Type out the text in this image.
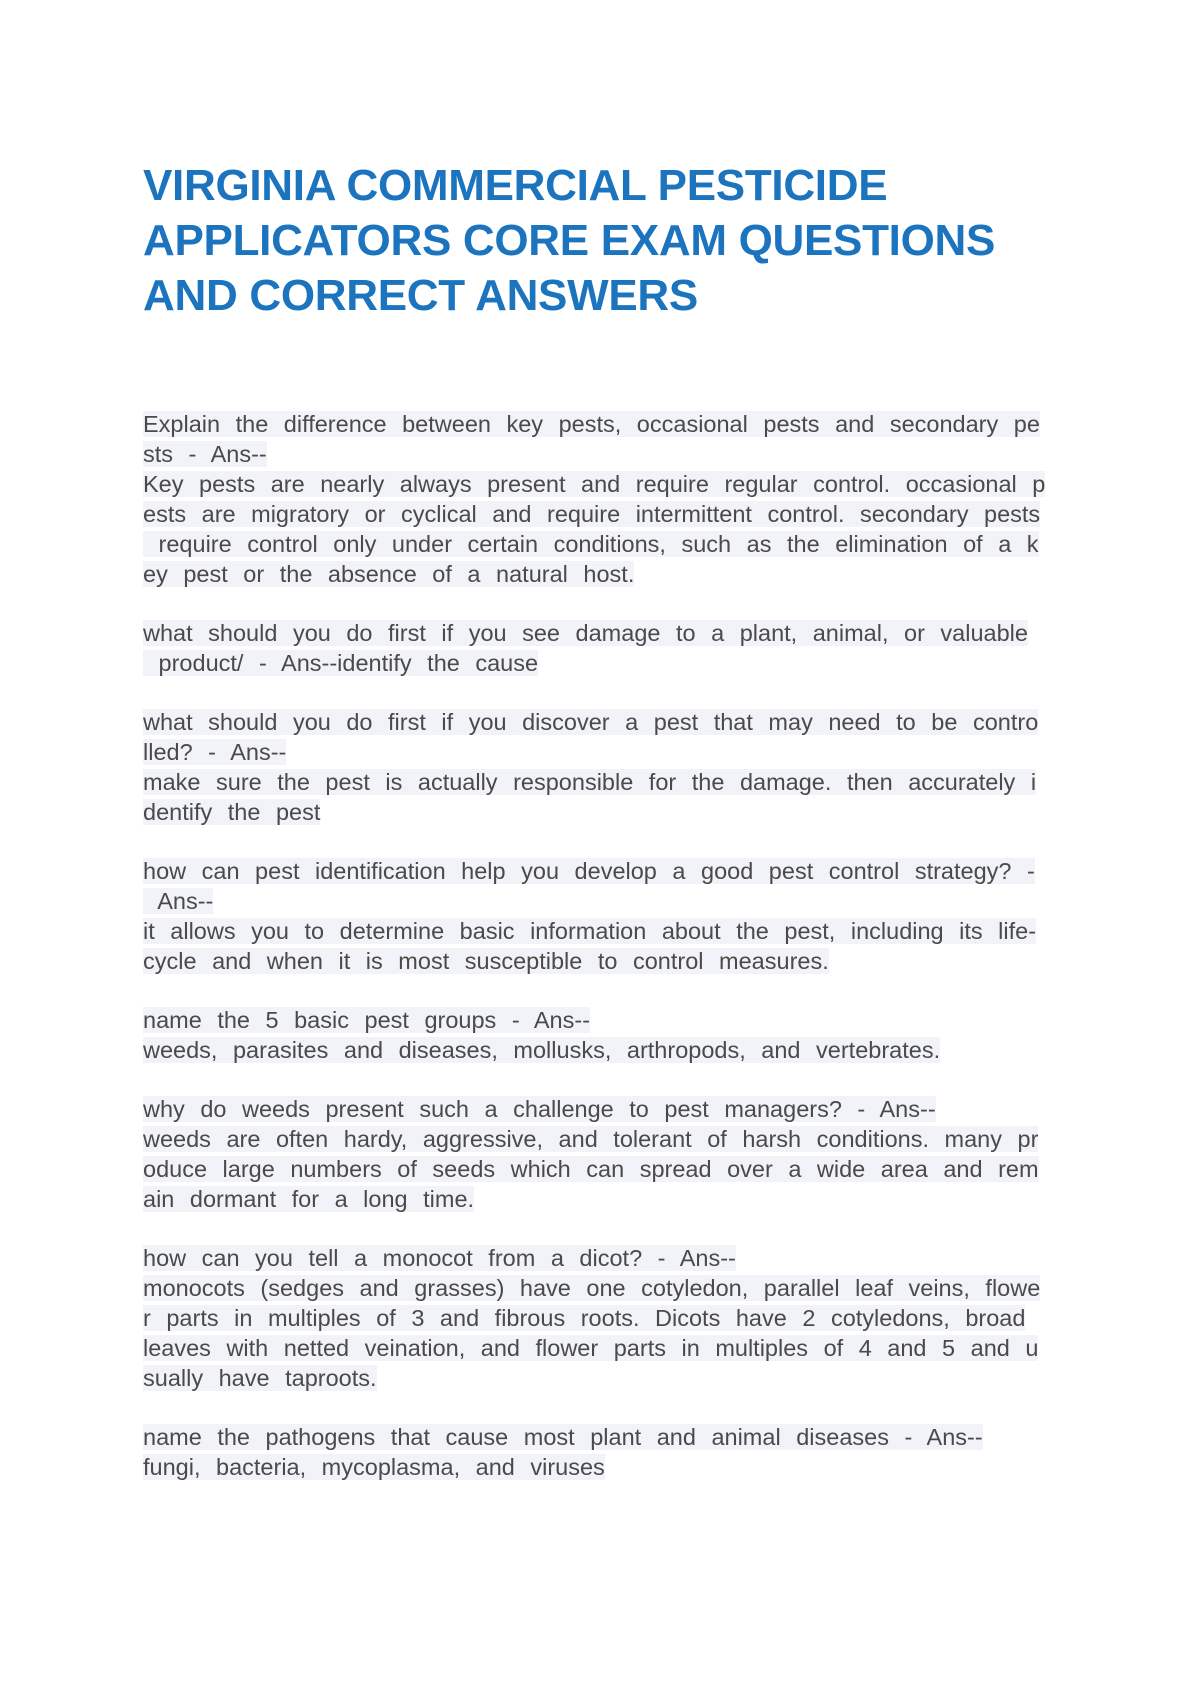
VIRGINIA COMMERCIAL PESTICIDE
APPLICATORS CORE EXAM QUESTIONS
AND CORRECT ANSWERS
Explain the difference between key pests, occasional pests and secondary pe
sts - Ans--
Key pests are nearly always present and require regular control. occasional p
ests are migratory or cyclical and require intermittent control. secondary pests
require control only under certain conditions, such as the elimination of a k
ey pest or the absence of a natural host.
what should you do first if you see damage to a plant, animal, or valuable
product/ - Ans--identify the cause
what should you do first if you discover a pest that may need to be contro
lled? - Ans--
make sure the pest is actually responsible for the damage. then accurately i
dentify the pest
how can pest identification help you develop a good pest control strategy? -
Ans--
it allows you to determine basic information about the pest, including its life-
cycle and when it is most susceptible to control measures.
name the 5 basic pest groups - Ans--
weeds, parasites and diseases, mollusks, arthropods, and vertebrates.
why do weeds present such a challenge to pest managers? - Ans--
weeds are often hardy, aggressive, and tolerant of harsh conditions. many pr
oduce large numbers of seeds which can spread over a wide area and rem
ain dormant for a long time.
how can you tell a monocot from a dicot? - Ans--
monocots (sedges and grasses) have one cotyledon, parallel leaf veins, flowe
r parts in multiples of 3 and fibrous roots. Dicots have 2 cotyledons, broad
leaves with netted veination, and flower parts in multiples of 4 and 5 and u
sually have taproots.
name the pathogens that cause most plant and animal diseases - Ans--
fungi, bacteria, mycoplasma, and viruses
